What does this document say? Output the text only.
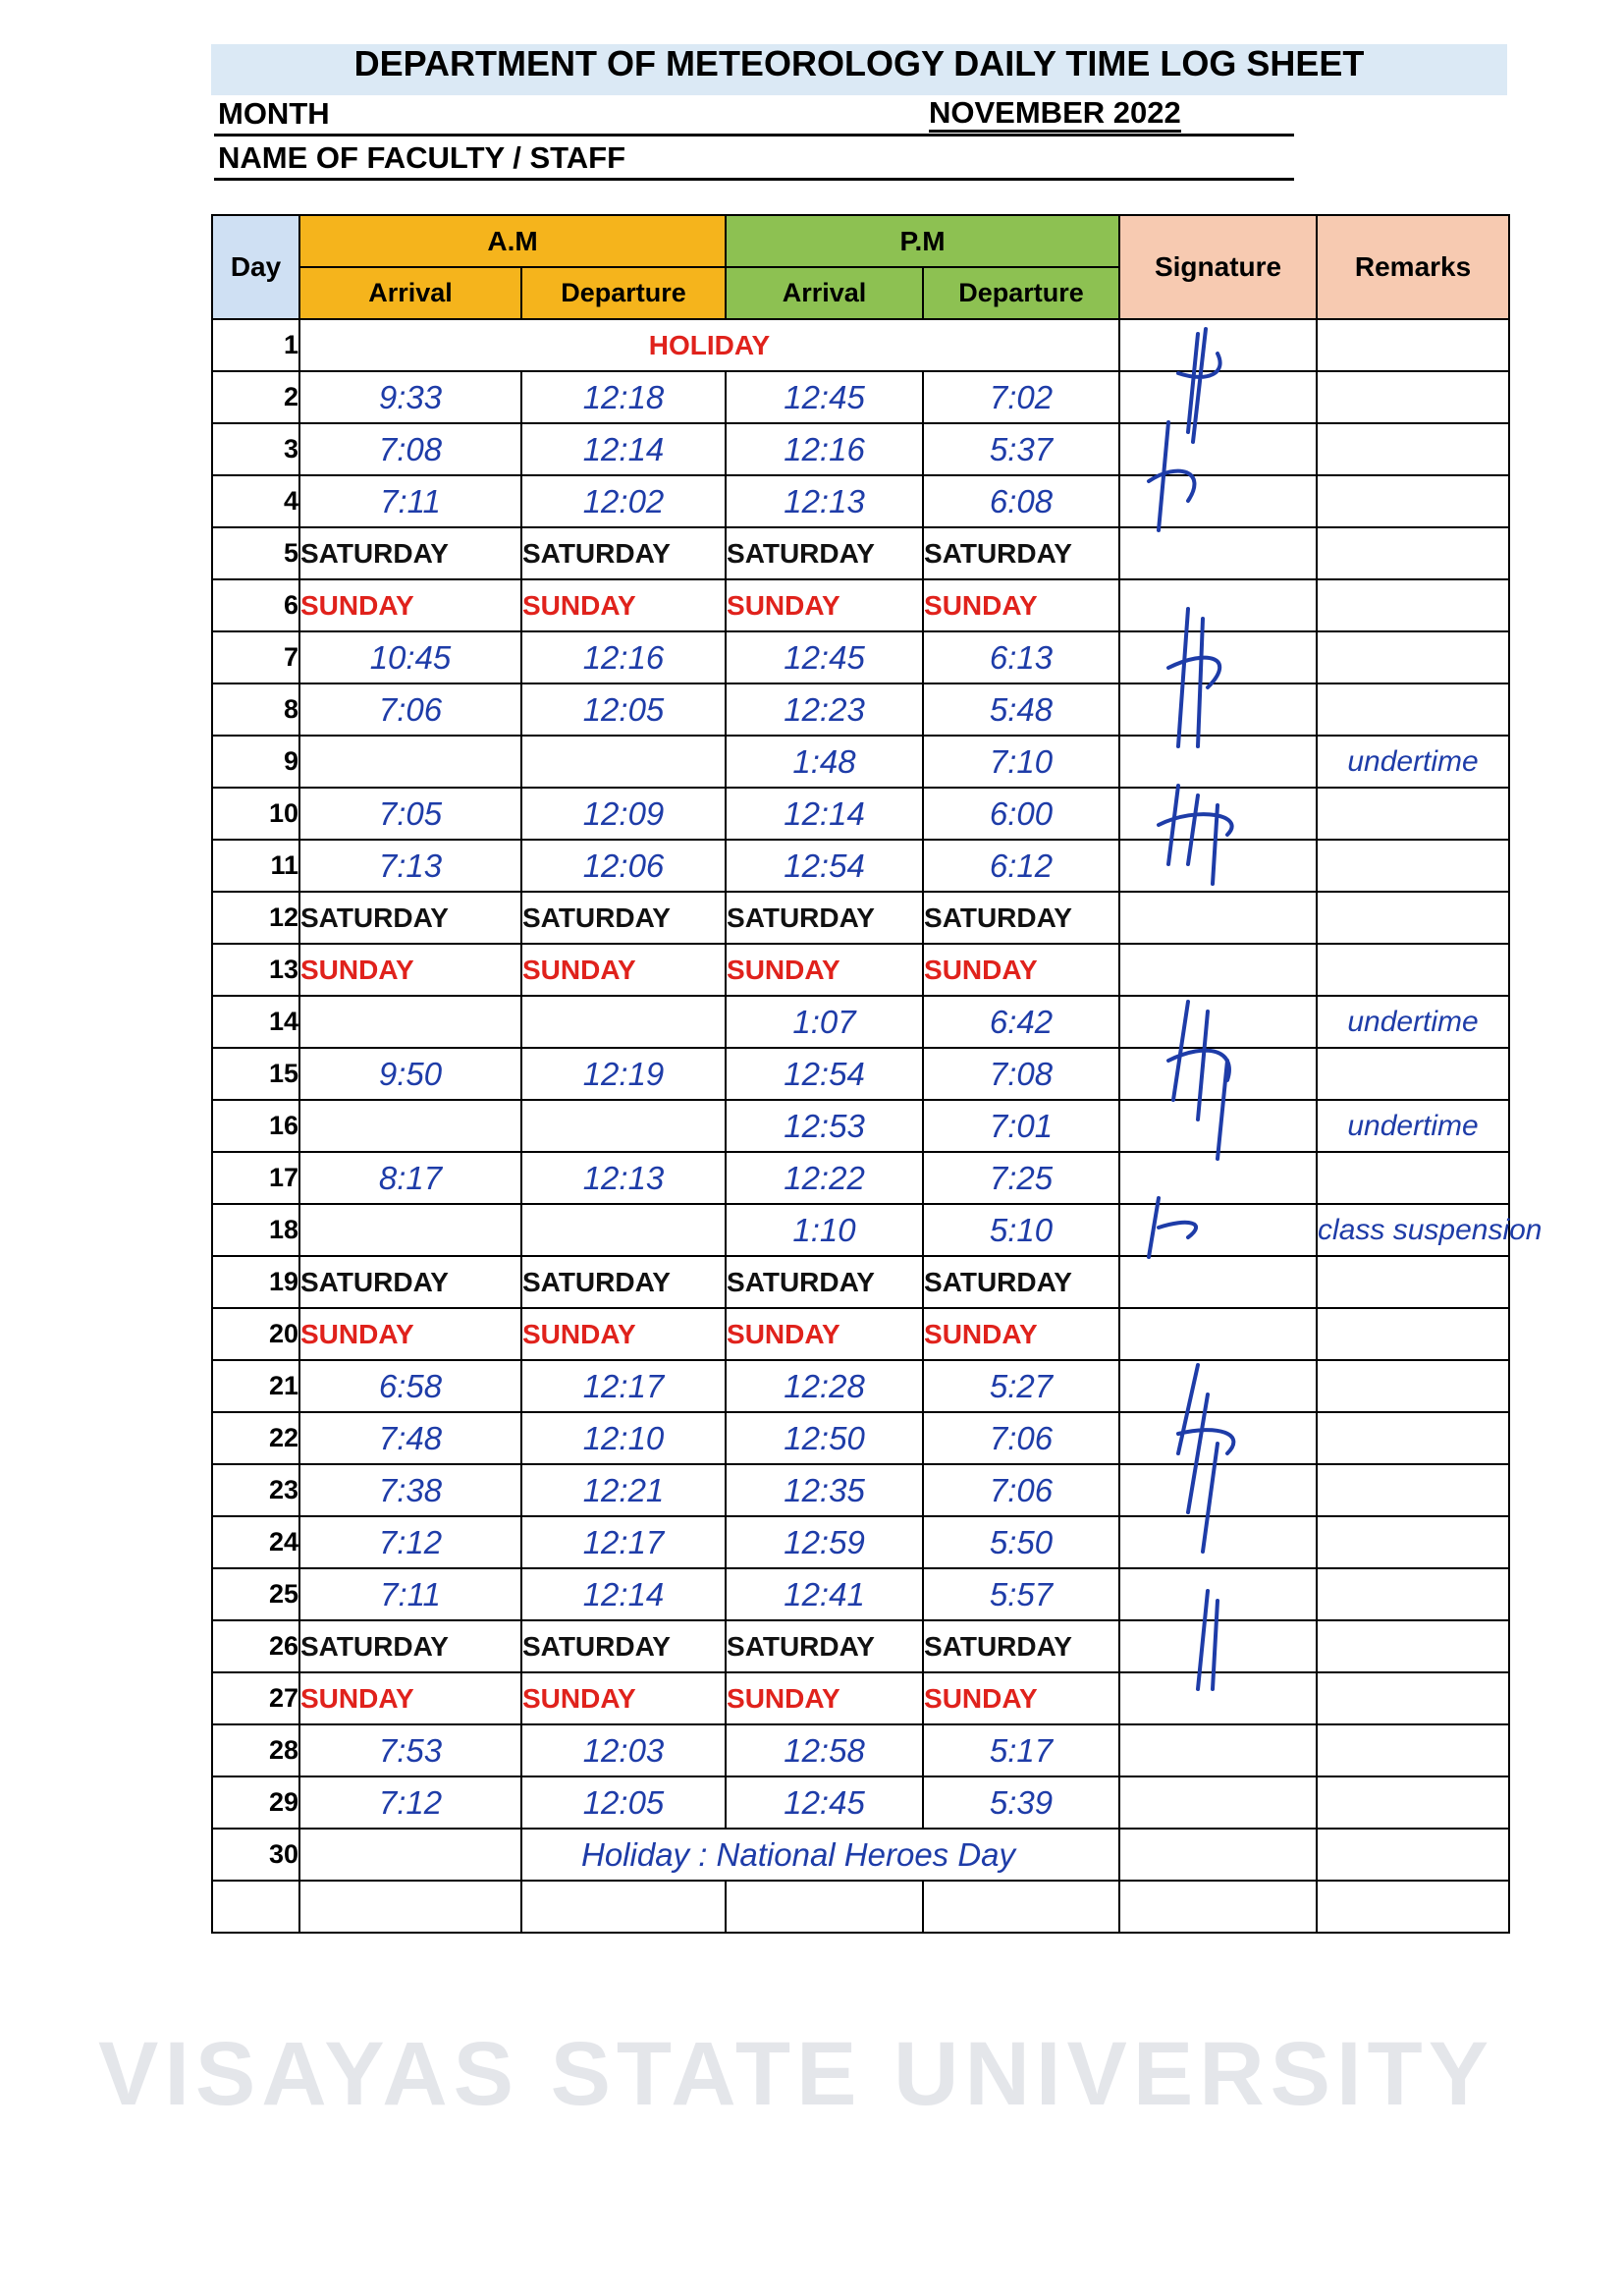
DEPARTMENT OF METEOROLOGY DAILY TIME LOG SHEET
MONTH	NOVEMBER 2022
NAME OF FACULTY / STAFF
Day	A.M		P.M		Signature	Remarks
	Arrival	Departure	Arrival	Departure		
1	HOLIDAY					
2	9:33	12:18	12:45	7:02		
3	7:08	12:14	12:16	5:37		
4	7:11	12:02	12:13	6:08		
5	SATURDAY	SATURDAY	SATURDAY	SATURDAY		
6	SUNDAY	SUNDAY	SUNDAY	SUNDAY		
7	10:45	12:16	12:45	6:13		
8	7:06	12:05	12:23	5:48		
9			1:48	7:10		undertime
10	7:05	12:09	12:14	6:00		
11	7:13	12:06	12:54	6:12		
12	SATURDAY	SATURDAY	SATURDAY	SATURDAY		
13	SUNDAY	SUNDAY	SUNDAY	SUNDAY		
14			1:07	6:42		undertime
15	9:50	12:19	12:54	7:08		
16			12:53	7:01		undertime
17	8:17	12:13	12:22	7:25		
18			1:10	5:10		class suspension
19	SATURDAY	SATURDAY	SATURDAY	SATURDAY		
20	SUNDAY	SUNDAY	SUNDAY	SUNDAY		
21	6:58	12:17	12:28	5:27		
22	7:48	12:10	12:50	7:06		
23	7:38	12:21	12:35	7:06		
24	7:12	12:17	12:59	5:50		
25	7:11	12:14	12:41	5:57		
26	SATURDAY	SATURDAY	SATURDAY	SATURDAY		
27	SUNDAY	SUNDAY	SUNDAY	SUNDAY		
28	7:53	12:03	12:58	5:17		
29	7:12	12:05	12:45	5:39		
30		Holiday : National Heroes Day				

VISAYAS STATE UNIVERSITY
